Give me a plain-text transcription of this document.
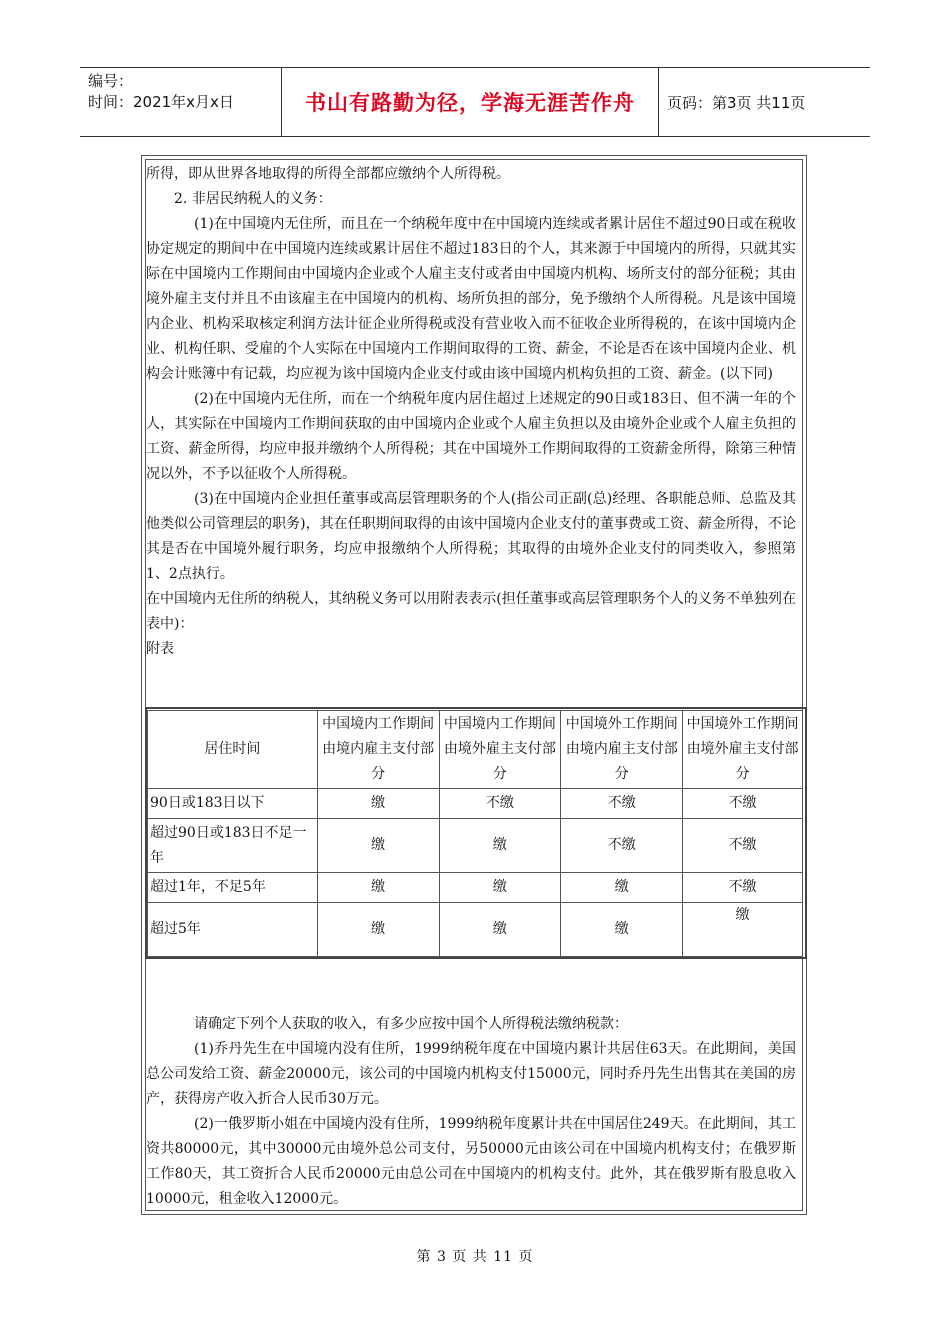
编号：
时间：2021年x月x日	书山有路勤为径，学海无涯苦作舟	页码：第3页 共11页

所得，即从世界各地取得的所得全部都应缴纳个人所得税。

2. 非居民纳税人的义务：

(1)在中国境内无住所，而且在一个纳税年度中在中国境内连续或者累计居住不超过90日或在税收协定规定的期间中在中国境内连续或累计居住不超过183日的个人，其来源于中国境内的所得，只就其实际在中国境内工作期间由中国境内企业或个人雇主支付或者由中国境内机构、场所支付的部分征税；其由境外雇主支付并且不由该雇主在中国境内的机构、场所负担的部分，免予缴纳个人所得税。凡是该中国境内企业、机构采取核定利润方法计征企业所得税或没有营业收入而不征收企业所得税的，在该中国境内企业、机构任职、受雇的个人实际在中国境内工作期间取得的工资、薪金，不论是否在该中国境内企业、机构会计账簿中有记载，均应视为该中国境内企业支付或由该中国境内机构负担的工资、薪金。(以下同)

(2)在中国境内无住所，而在一个纳税年度内居住超过上述规定的90日或183日、但不满一年的个人，其实际在中国境内工作期间获取的由中国境内企业或个人雇主负担以及由境外企业或个人雇主负担的工资、薪金所得，均应申报并缴纳个人所得税；其在中国境外工作期间取得的工资薪金所得，除第三种情况以外，不予以征收个人所得税。

(3)在中国境内企业担任董事或高层管理职务的个人(指公司正副(总)经理、各职能总师、总监及其他类似公司管理层的职务)，其在任职期间取得的由该中国境内企业支付的董事费或工资、薪金所得，不论其是否在中国境外履行职务，均应申报缴纳个人所得税；其取得的由境外企业支付的同类收入，参照第1、2点执行。

在中国境内无住所的纳税人，其纳税义务可以用附表表示(担任董事或高层管理职务个人的义务不单独列在表中)：

附表

居住时间	中国境内工作期间由境内雇主支付部分	中国境内工作期间由境外雇主支付部分	中国境外工作期间由境内雇主支付部分	中国境外工作期间由境外雇主支付部分
90日或183日以下	缴	不缴	不缴	不缴
超过90日或183日不足一年	缴	缴	不缴	不缴
超过1年，不足5年	缴	缴	缴	不缴
超过5年	缴	缴	缴	缴

请确定下列个人获取的收入，有多少应按中国个人所得税法缴纳税款：

(1)乔丹先生在中国境内没有住所，1999纳税年度在中国境内累计共居住63天。在此期间，美国总公司发给工资、薪金20000元，该公司的中国境内机构支付15000元，同时乔丹先生出售其在美国的房产，获得房产收入折合人民币30万元。

(2)一俄罗斯小姐在中国境内没有住所，1999纳税年度累计共在中国居住249天。在此期间，其工资共80000元，其中30000元由境外总公司支付，另50000元由该公司在中国境内机构支付；在俄罗斯工作80天，其工资折合人民币20000元由总公司在中国境内的机构支付。此外，其在俄罗斯有股息收入10000元，租金收入12000元。

第 3 页 共 11 页
